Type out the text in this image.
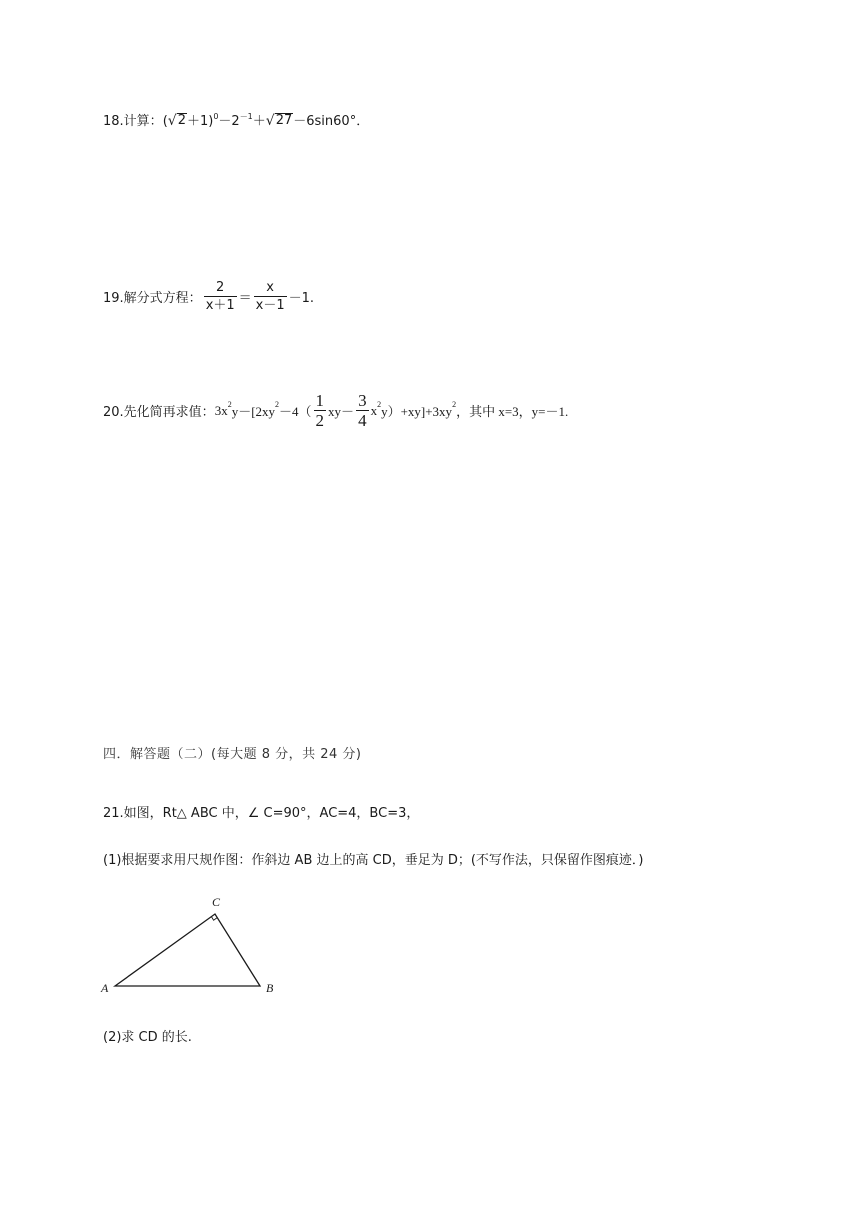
18.计算：( √ $2 +1)^0-2^{-1}+$ √ 27 －6sin60°．
19.解分式方程： $\frac{2}{x+1} = \frac{x}{x-1} -1$.
20.先化简再求值： 3x 2 y－[2xy $2 -4( \frac{1}{2} xy- \frac{3}{4}$ x 2 y）+xy]+3xy 2 ，其中 x=3，y=－1.
四．解答题（二）(每大题 8 分，共 24 分)
21.如图，Rt△ ABC 中，∠ C=90°，AC=4，BC=3，
(1)根据要求用尺规作图：作斜边 AB 边上的高 CD，垂足为 D；(不写作法，只保留作图痕迹．)
A	B
C
(2)求 CD 的长.
